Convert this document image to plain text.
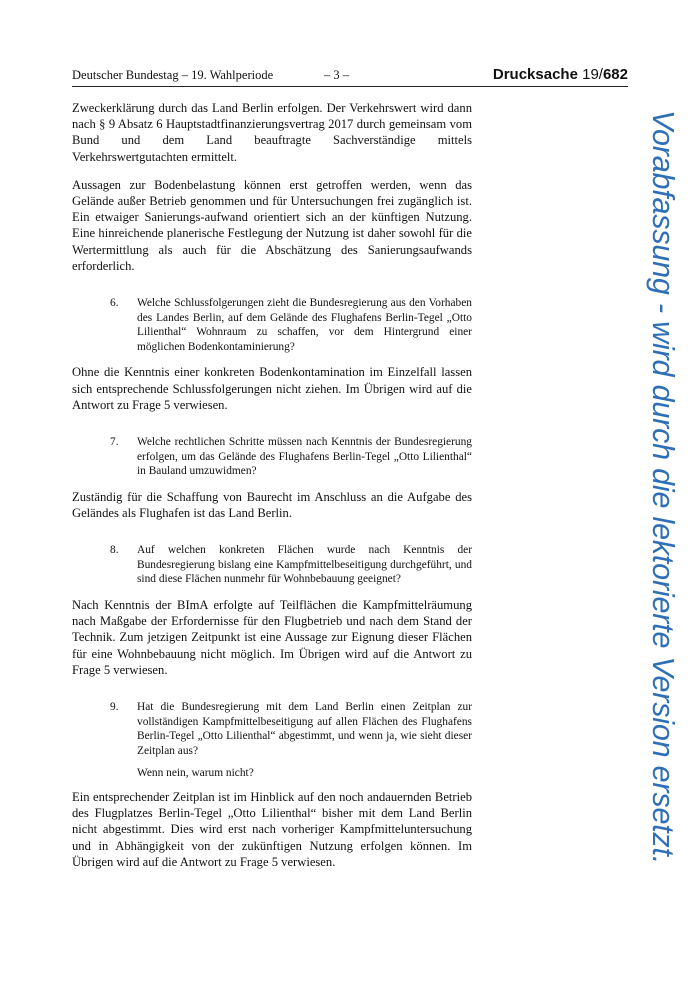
Deutscher Bundestag – 19. Wahlperiode	– 3 –	Drucksache 19/682

Zweckerklärung durch das Land Berlin erfolgen. Der Verkehrswert wird dann nach § 9 Absatz 6 Hauptstadtfinanzierungsvertrag 2017 durch gemeinsam vom Bund und dem Land beauftragte Sachverständige mittels Verkehrswertgutachten ermittelt.

Aussagen zur Bodenbelastung können erst getroffen werden, wenn das Gelände außer Betrieb genommen und für Untersuchungen frei zugänglich ist. Ein etwaiger Sanierungs-aufwand orientiert sich an der künftigen Nutzung. Eine hinreichende planerische Festlegung der Nutzung ist daher sowohl für die Wertermittlung als auch für die Abschätzung des Sanierungsaufwands erforderlich.

6.	Welche Schlussfolgerungen zieht die Bundesregierung aus den Vorhaben des Landes Berlin, auf dem Gelände des Flughafens Berlin-Tegel „Otto Lilienthal“ Wohnraum zu schaffen, vor dem Hintergrund einer möglichen Bodenkontaminierung?

Ohne die Kenntnis einer konkreten Bodenkontamination im Einzelfall lassen sich entsprechende Schlussfolgerungen nicht ziehen. Im Übrigen wird auf die Antwort zu Frage 5 verwiesen.

7.	Welche rechtlichen Schritte müssen nach Kenntnis der Bundesregierung erfolgen, um das Gelände des Flughafens Berlin-Tegel „Otto Lilienthal“ in Bauland umzuwidmen?

Zuständig für die Schaffung von Baurecht im Anschluss an die Aufgabe des Geländes als Flughafen ist das Land Berlin.

8.	Auf welchen konkreten Flächen wurde nach Kenntnis der Bundesregierung bislang eine Kampfmittelbeseitigung durchgeführt, und sind diese Flächen nunmehr für Wohnbebauung geeignet?

Nach Kenntnis der BImA erfolgte auf Teilflächen die Kampfmittelräumung nach Maßgabe der Erfordernisse für den Flugbetrieb und nach dem Stand der Technik. Zum jetzigen Zeitpunkt ist eine Aussage zur Eignung dieser Flächen für eine Wohnbebauung nicht möglich. Im Übrigen wird auf die Antwort zu Frage 5 verwiesen.

9.	Hat die Bundesregierung mit dem Land Berlin einen Zeitplan zur vollständigen Kampfmittelbeseitigung auf allen Flächen des Flughafens Berlin-Tegel „Otto Lilienthal“ abgestimmt, und wenn ja, wie sieht dieser Zeitplan aus?

Wenn nein, warum nicht?

Ein entsprechender Zeitplan ist im Hinblick auf den noch andauernden Betrieb des Flugplatzes Berlin-Tegel „Otto Lilienthal“ bisher mit dem Land Berlin nicht abgestimmt. Dies wird erst nach vorheriger Kampfmitteluntersuchung und in Abhängigkeit von der zukünftigen Nutzung erfolgen können. Im Übrigen wird auf die Antwort zu Frage 5 verwiesen.	Vorabfassung - wird durch die lektorierte Version ersetzt.
